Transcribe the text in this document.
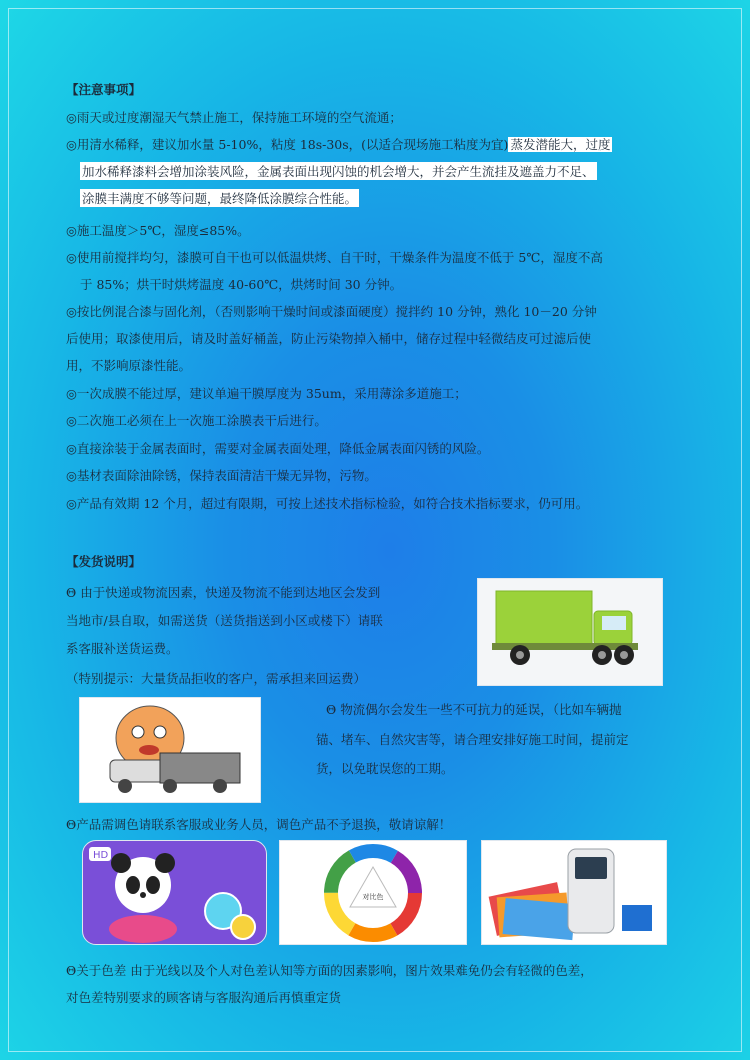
【注意事项】
◎雨天或过度潮湿天气禁止施工，保持施工环境的空气流通；
◎用清水稀释，建议加水量 5-10%，粘度 18s-30s，(以适合现场施工粘度为宜) 蒸发潜能大，过度
加水稀释漆料会增加涂装风险，金属表面出现闪蚀的机会增大，并会产生流挂及遮盖力不足、
涂膜丰满度不够等问题，最终降低涂膜综合性能。
◎施工温度＞5℃，湿度≤85%。
◎使用前搅拌均匀，漆膜可自干也可以低温烘烤、自干时，干燥条件为温度不低于 5℃，湿度不高
于 85%；烘干时烘烤温度 40-60℃，烘烤时间 30 分钟。
◎按比例混合漆与固化剂，（否则影响干燥时间或漆面硬度）搅拌约 10 分钟，熟化 10－20 分钟
后使用；取漆使用后，请及时盖好桶盖，防止污染物掉入桶中，储存过程中轻微结皮可过滤后使
用，不影响原漆性能。
◎一次成膜不能过厚，建议单遍干膜厚度为 35um，采用薄涂多道施工；
◎二次施工必须在上一次施工涂膜表干后进行。
◎直接涂装于金属表面时，需要对金属表面处理，降低金属表面闪锈的风险。
◎基材表面除油除锈，保持表面清洁干燥无异物，污物。
◎产品有效期 12 个月，超过有限期，可按上述技术指标检验，如符合技术指标要求，仍可用。
【发货说明】
Θ 由于快递或物流因素，快递及物流不能到达地区会发到
当地市/县自取，如需送货（送货指送到小区或楼下）请联
系客服补送货运费。
（特别提示：大量货品拒收的客户，需承担来回运费）
Θ 物流偶尔会发生一些不可抗力的延误，（比如车辆抛
锚、堵车、自然灾害等，请合理安排好施工时间，提前定
货，以免耽误您的工期。
Θ产品需调色请联系客服或业务人员，调色产品不予退换，敬请谅解！
Θ关于色差 由于光线以及个人对色差认知等方面的因素影响，图片效果难免仍会有轻微的色差，
对色差特别要求的顾客请与客服沟通后再慎重定货
HD
对比色
